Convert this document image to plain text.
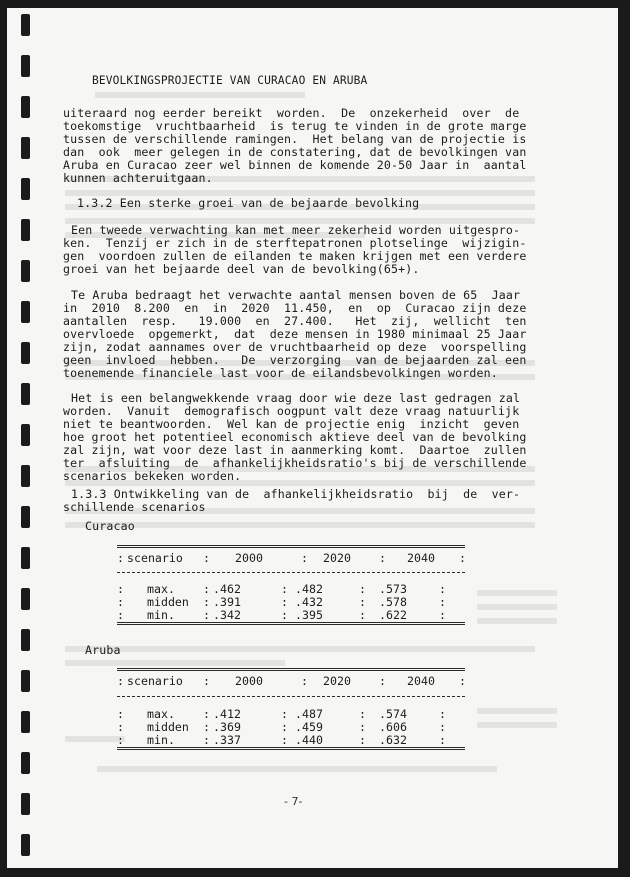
BEVOLKINGSPROJECTIE VAN CURACAO EN ARUBA
uiteraard nog eerder bereikt  worden.  De  onzekerheid  over  de
toekomstige  vruchtbaarheid  is terug te vinden in de grote marge
tussen de verschillende ramingen.  Het belang van de projectie is
dan  ook  meer gelegen in de constatering, dat de bevolkingen van
Aruba en Curacao zeer wel binnen de komende 20-50 Jaar in  aantal
kunnen achteruitgaan.
1.3.2 Een sterke groei van de bejaarde bevolking
Een tweede verwachting kan met meer zekerheid worden uitgespro-
ken.  Tenzij er zich in de sterftepatronen plotselinge  wijzigin-
gen  voordoen zullen de eilanden te maken krijgen met een verdere
groei van het bejaarde deel van de bevolking(65+).
Te Aruba bedraagt het verwachte aantal mensen boven de 65  Jaar
in  2010  8.200  en  in  2020  11.450,  en  op  Curacao zijn deze
aantallen  resp.   19.000  en  27.400.   Het  zij,  wellicht  ten
overvloede  opgemerkt,  dat  deze mensen in 1980 minimaal 25 Jaar
zijn, zodat aannames over de vruchtbaarheid op deze  voorspelling
geen  invloed  hebben.   De  verzorging  van de bejaarden zal een
toenemende financiele last voor de eilandsbevolkingen worden.
Het is een belangwekkende vraag door wie deze last gedragen zal
worden.  Vanuit  demografisch oogpunt valt deze vraag natuurlijk
niet te beantwoorden.  Wel kan de projectie enig  inzicht  geven
hoe groot het potentieel economisch aktieve deel van de bevolking
zal zijn, wat voor deze last in aanmerking komt.  Daartoe  zullen
ter  afsluiting  de  afhankelijkheidsratio's bij de verschillende
scenarios bekeken worden.
1.3.3 Ontwikkeling van de  afhankelijkheidsratio  bij  de  ver-
schillende scenarios
Curacao
: scenario : 2000	: 2020 : 2040 :
: max. : .462	: .482	: .573	:
: midden : .391	: .432	: .578	:
: min. : .342	: .395	: .622	:
Aruba
: scenario : 2000	: 2020 : 2040 :
: max. : .412	: .487	: .574	:
: midden : .369	: .459	: .606	:
: min. : .337	: .440	: .632	:
- 7-
